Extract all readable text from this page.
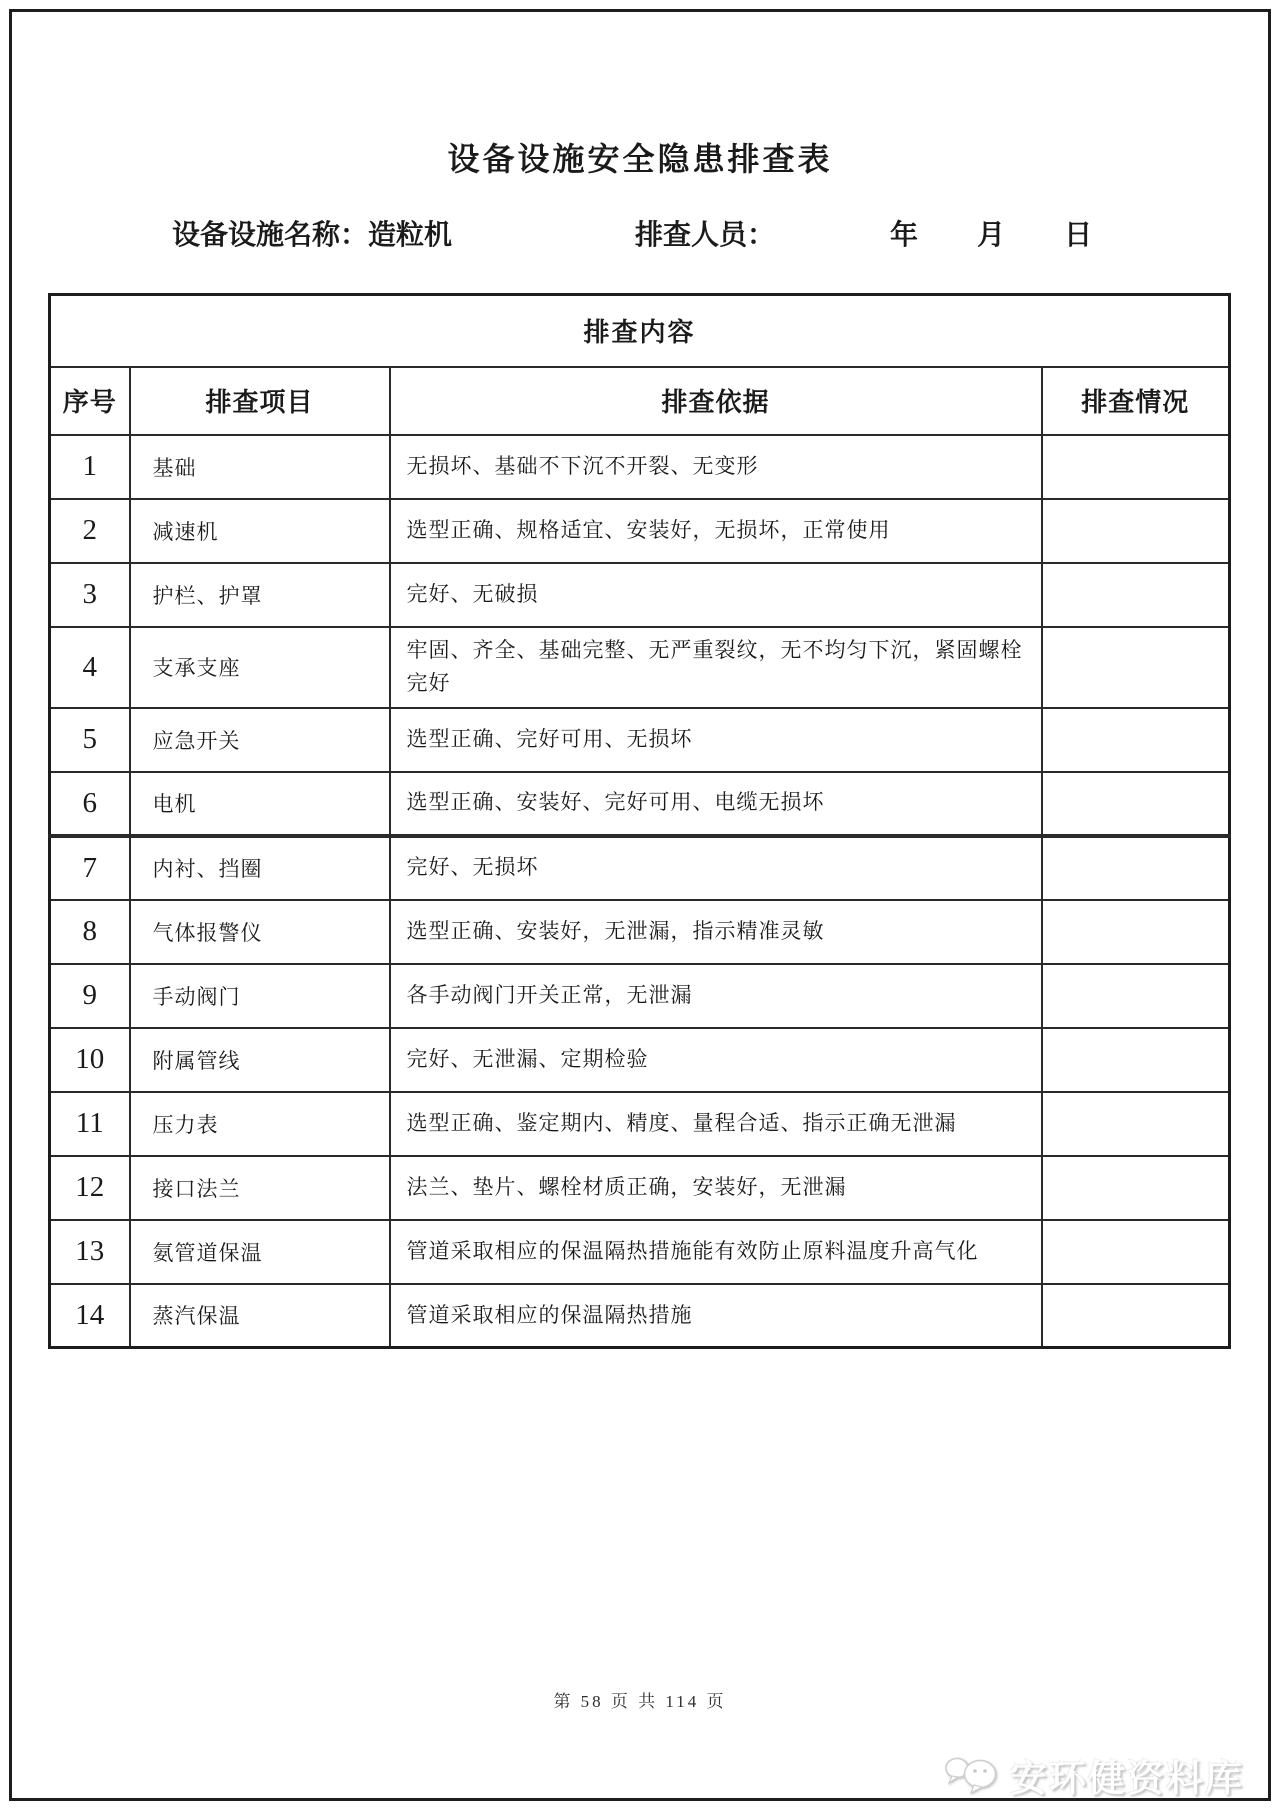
设备设施安全隐患排查表
设备设施名称：造粒机	排查人员：	年 月 日
排查内容			
序号	排查项目	排查依据	排查情况
1	基础	无损坏、基础不下沉不开裂、无变形	
2	减速机	选型正确、规格适宜、安装好，无损坏，正常使用	
3	护栏、护罩	完好、无破损	
4	支承支座	牢固、齐全、基础完整、无严重裂纹，无不均匀下沉，紧固螺栓完好	
5	应急开关	选型正确、完好可用、无损坏	
6	电机	选型正确、安装好、完好可用、电缆无损坏	
7	内衬、挡圈	完好、无损坏	
8	气体报警仪	选型正确、安装好，无泄漏，指示精准灵敏	
9	手动阀门	各手动阀门开关正常，无泄漏	
10	附属管线	完好、无泄漏、定期检验	
11	压力表	选型正确、鉴定期内、精度、量程合适、指示正确无泄漏	
12	接口法兰	法兰、垫片、螺栓材质正确，安装好，无泄漏	
13	氨管道保温	管道采取相应的保温隔热措施能有效防止原料温度升高气化	
14	蒸汽保温	管道采取相应的保温隔热措施	
第 58 页 共 114 页
安环健资料库
